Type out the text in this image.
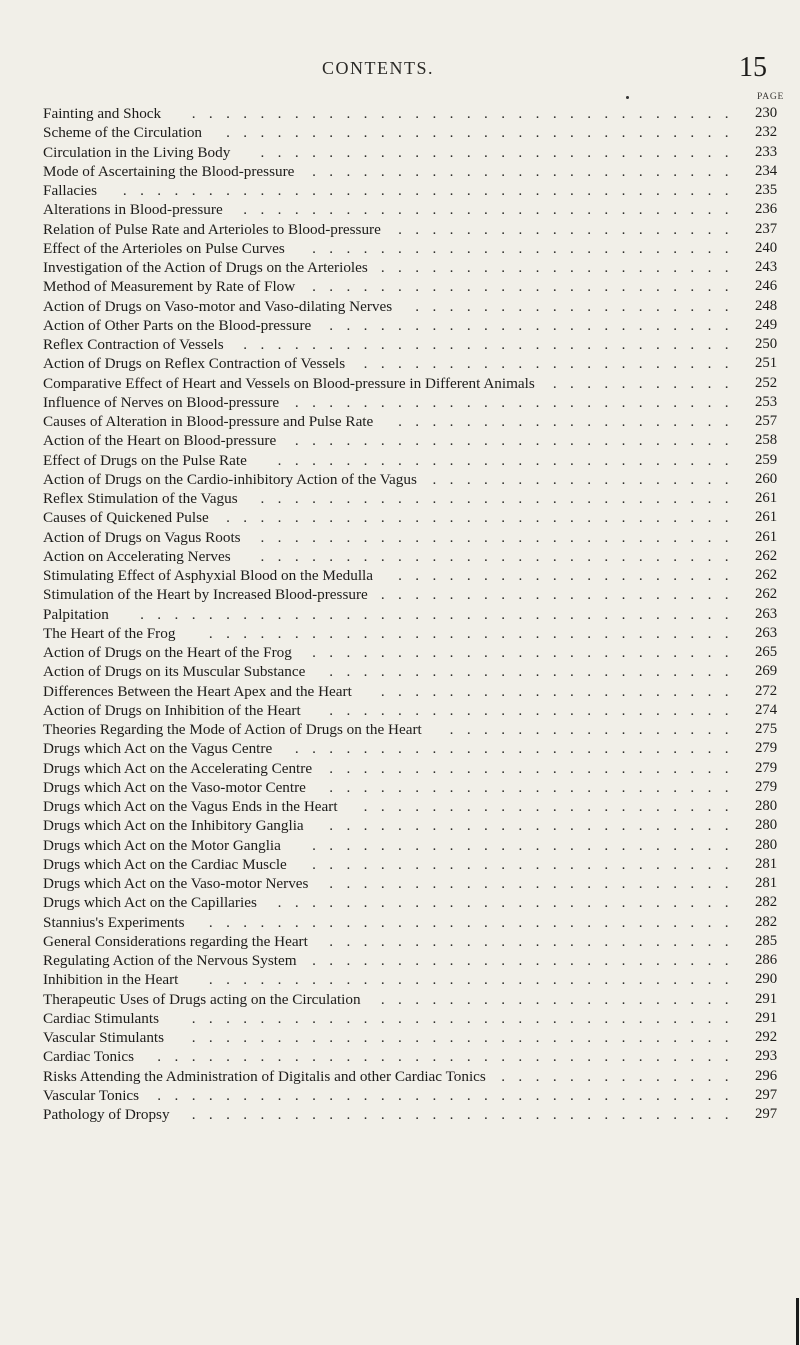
CONTENTS.	15
PAGE
Fainting and Shock ................................ 230
Scheme of the Circulation .............................. 232
Circulation in the Living Body ............................ 233
Mode of Ascertaining the Blood-pressure ......................... 234
Fallacies .................................... 235
Alterations in Blood-pressure ............................. 236
Relation of Pulse Rate and Arterioles to Blood-pressure .................... 237
Effect of the Arterioles on Pulse Curves ......................... 240
Investigation of the Action of Drugs on the Arterioles ..................... 243
Method of Measurement by Rate of Flow ......................... 246
Action of Drugs on Vaso-motor and Vaso-dilating Nerves ................... 248
Action of Other Parts on the Blood-pressure ........................ 249
Reflex Contraction of Vessels ............................. 250
Action of Drugs on Reflex Contraction of Vessels ...................... 251
Comparative Effect of Heart and Vessels on Blood-pressure in Different Animals ........... 252
Influence of Nerves on Blood-pressure .......................... 253
Causes of Alteration in Blood-pressure and Pulse Rate .................... 257
Action of the Heart on Blood-pressure .......................... 258
Effect of Drugs on the Pulse Rate ........................... 259
Action of Drugs on the Cardio-inhibitory Action of the Vagus .................. 260
Reflex Stimulation of the Vagus ............................ 261
Causes of Quickened Pulse .............................. 261
Action of Drugs on Vagus Roots ............................ 261
Action on Accelerating Nerves ............................ 262
Stimulating Effect of Asphyxial Blood on the Medulla .................... 262
Stimulation of the Heart by Increased Blood-pressure ..................... 262
Palpitation ................................... 263
The Heart of the Frog ............................... 263
Action of Drugs on the Heart of the Frog ......................... 265
Action of Drugs on its Muscular Substance ........................ 269
Differences Between the Heart Apex and the Heart ..................... 272
Action of Drugs on Inhibition of the Heart ........................ 274
Theories Regarding the Mode of Action of Drugs on the Heart ................. 275
Drugs which Act on the Vagus Centre .......................... 279
Drugs which Act on the Accelerating Centre ........................ 279
Drugs which Act on the Vaso-motor Centre ........................ 279
Drugs which Act on the Vagus Ends in the Heart ...................... 280
Drugs which Act on the Inhibitory Ganglia ........................ 280
Drugs which Act on the Motor Ganglia ......................... 280
Drugs which Act on the Cardiac Muscle ......................... 281
Drugs which Act on the Vaso-motor Nerves ........................ 281
Drugs which Act on the Capillaries ........................... 282
Stannius's Experiments ............................... 282
General Considerations regarding the Heart ........................ 285
Regulating Action of the Nervous System ......................... 286
Inhibition in the Heart ............................... 290
Therapeutic Uses of Drugs acting on the Circulation ..................... 291
Cardiac Stimulants ................................ 291
Vascular Stimulants ................................ 292
Cardiac Tonics .................................. 293
Risks Attending the Administration of Digitalis and other Cardiac Tonics .............. 296
Vascular Tonics .................................. 297
Pathology of Dropsy ................................ 297
